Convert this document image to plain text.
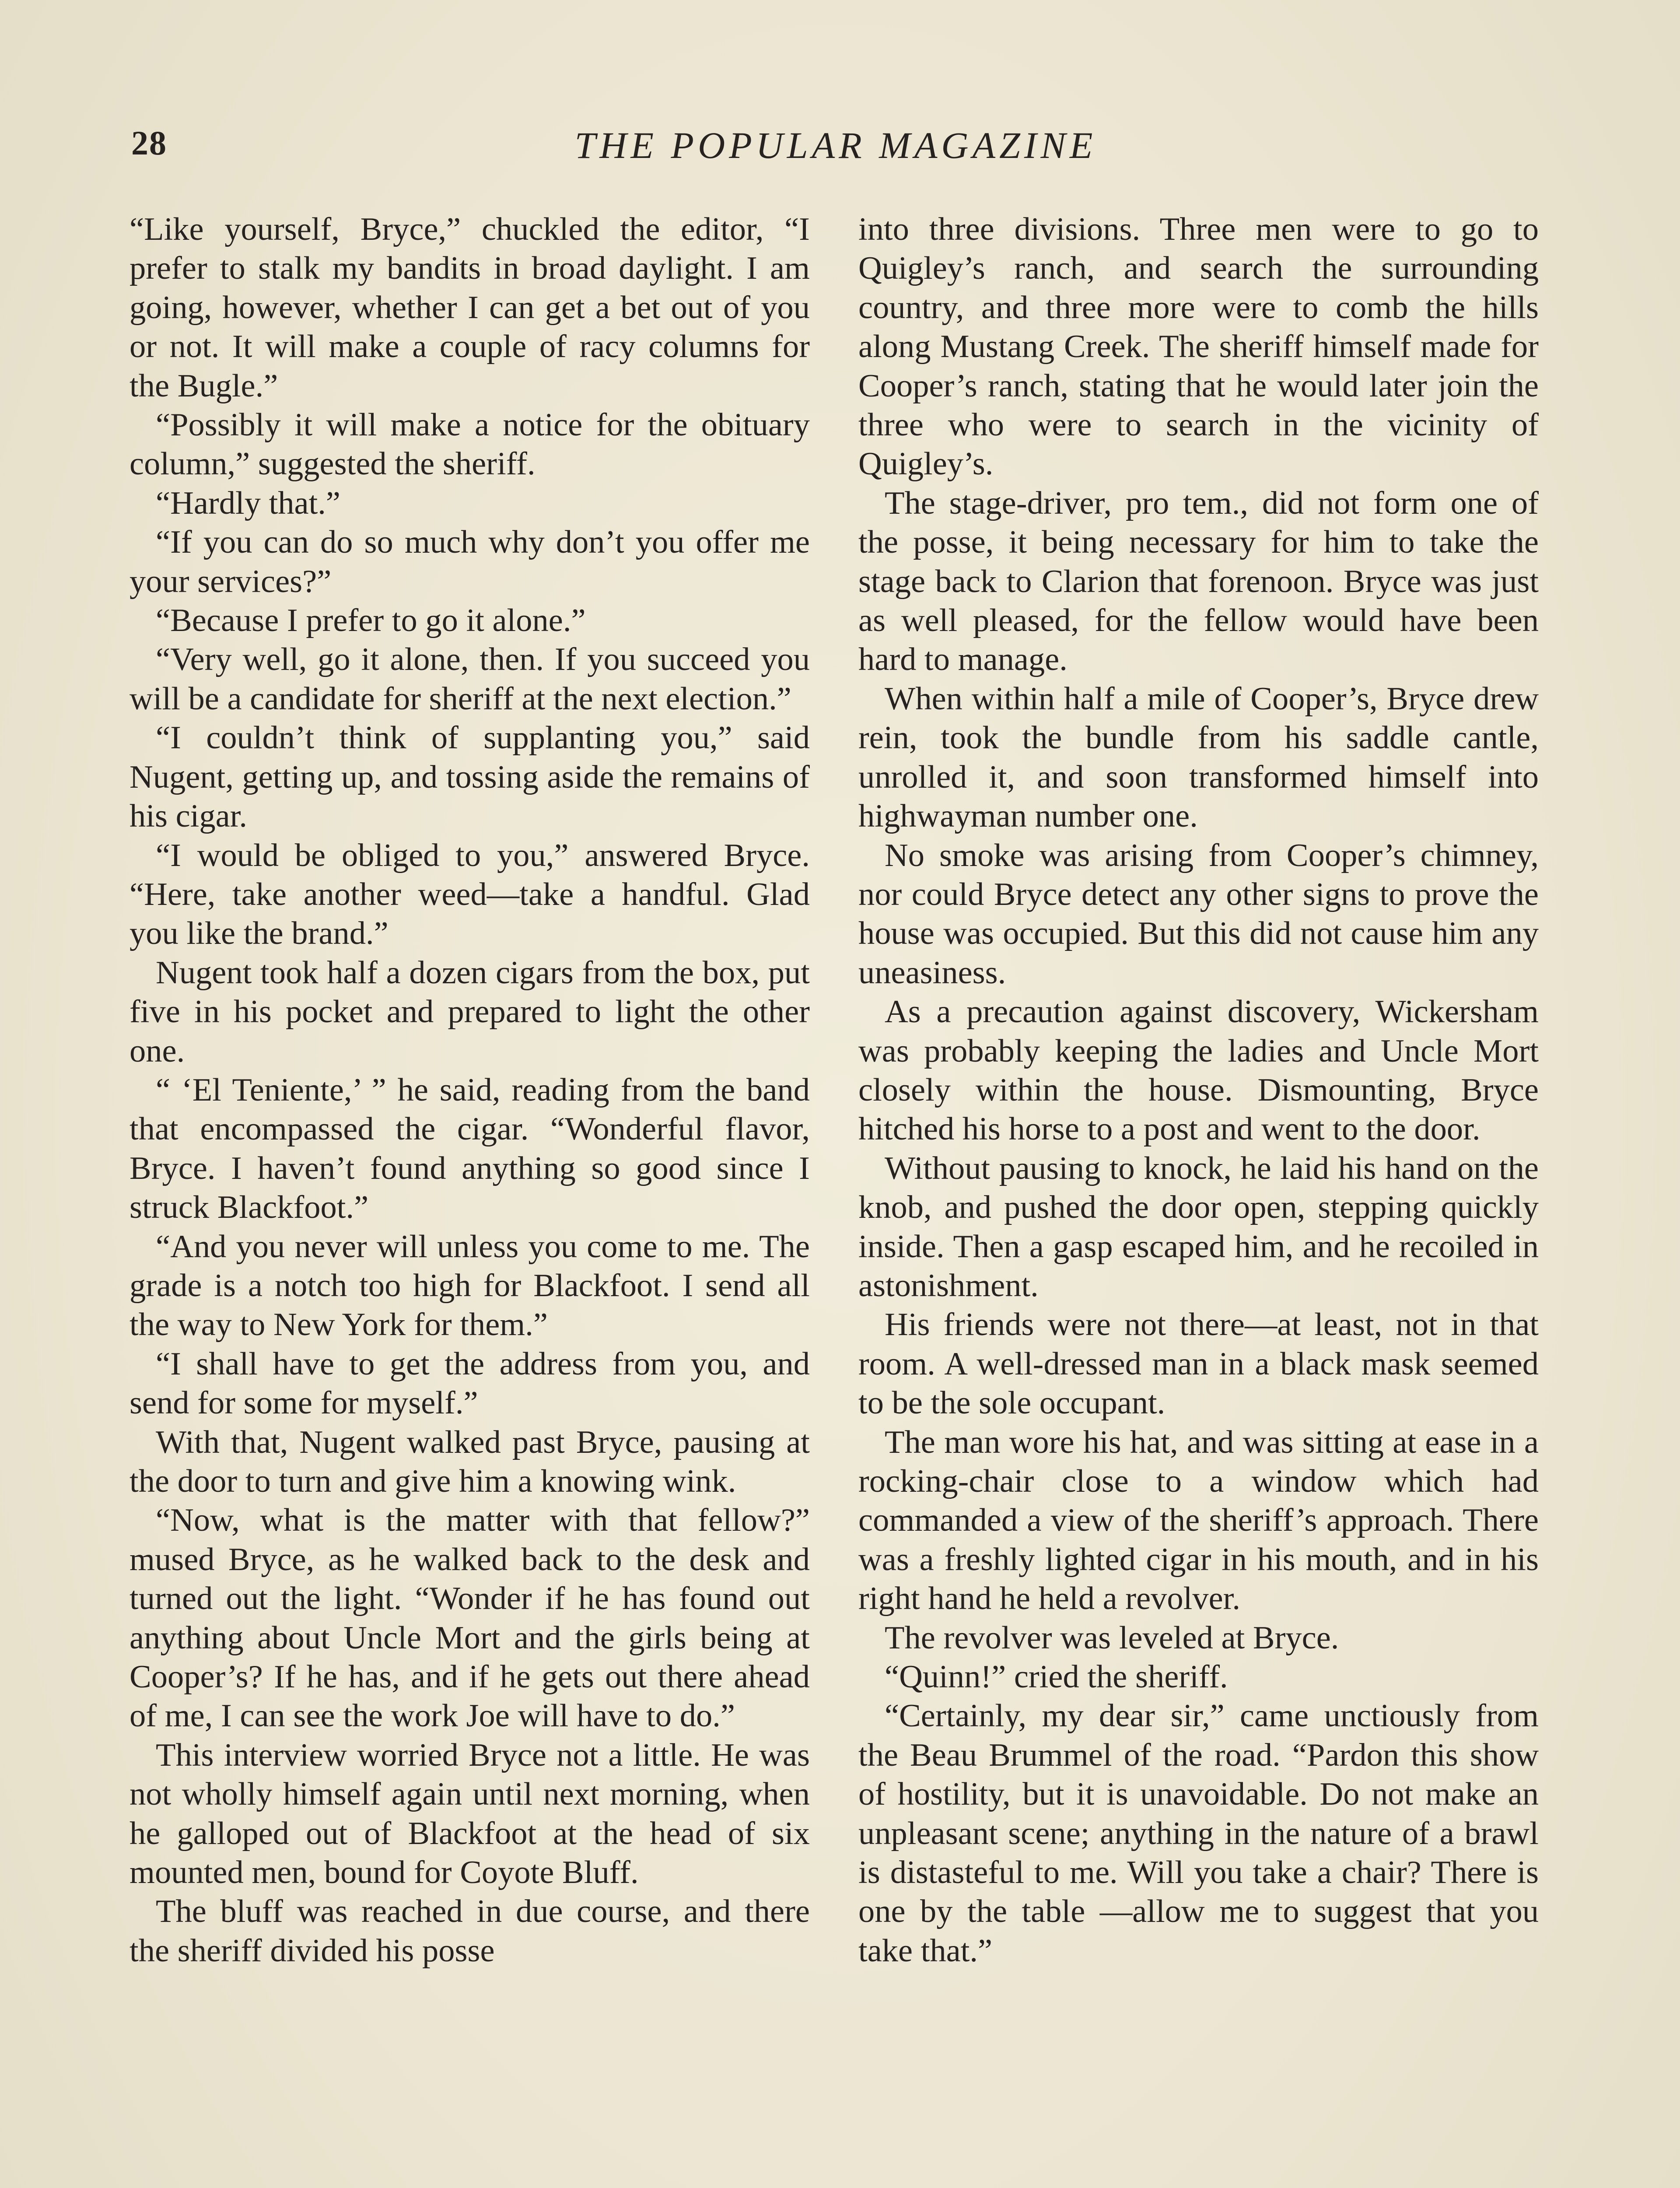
28	THE POPULAR MAGAZINE

“Like yourself, Bryce,” chuckled the editor, “I prefer to stalk my bandits in broad daylight. I am going, however, whether I can get a bet out of you or not. It will make a couple of racy columns for the Bugle.”

“Possibly it will make a notice for the obituary column,” suggested the sheriff.

“Hardly that.”

“If you can do so much why don’t you offer me your services?”

“Because I prefer to go it alone.”

“Very well, go it alone, then. If you succeed you will be a candidate for sheriff at the next election.”

“I couldn’t think of supplanting you,” said Nugent, getting up, and tossing aside the remains of his cigar.

“I would be obliged to you,” answered Bryce. “Here, take another weed—take a handful. Glad you like the brand.”

Nugent took half a dozen cigars from the box, put five in his pocket and prepared to light the other one.

“ ‘El Teniente,’ ” he said, reading from the band that encompassed the cigar. “Wonderful flavor, Bryce. I haven’t found anything so good since I struck Blackfoot.”

“And you never will unless you come to me. The grade is a notch too high for Blackfoot. I send all the way to New York for them.”

“I shall have to get the address from you, and send for some for myself.”

With that, Nugent walked past Bryce, pausing at the door to turn and give him a knowing wink.

“Now, what is the matter with that fellow?” mused Bryce, as he walked back to the desk and turned out the light. “Wonder if he has found out anything about Uncle Mort and the girls being at Cooper’s? If he has, and if he gets out there ahead of me, I can see the work Joe will have to do.”

This interview worried Bryce not a little. He was not wholly himself again until next morning, when he galloped out of Blackfoot at the head of six mounted men, bound for Coyote Bluff.

The bluff was reached in due course, and there the sheriff divided his posse

into three divisions. Three men were to go to Quigley’s ranch, and search the surrounding country, and three more were to comb the hills along Mustang Creek. The sheriff himself made for Cooper’s ranch, stating that he would later join the three who were to search in the vicinity of Quigley’s.

The stage-driver, pro tem., did not form one of the posse, it being necessary for him to take the stage back to Clarion that forenoon. Bryce was just as well pleased, for the fellow would have been hard to manage.

When within half a mile of Cooper’s, Bryce drew rein, took the bundle from his saddle cantle, unrolled it, and soon transformed himself into highwayman number one.

No smoke was arising from Cooper’s chimney, nor could Bryce detect any other signs to prove the house was occupied. But this did not cause him any uneasiness.

As a precaution against discovery, Wickersham was probably keeping the ladies and Uncle Mort closely within the house. Dismounting, Bryce hitched his horse to a post and went to the door.

Without pausing to knock, he laid his hand on the knob, and pushed the door open, stepping quickly inside. Then a gasp escaped him, and he recoiled in astonishment.

His friends were not there—at least, not in that room. A well-dressed man in a black mask seemed to be the sole occupant.

The man wore his hat, and was sitting at ease in a rocking-chair close to a window which had commanded a view of the sheriff’s approach. There was a freshly lighted cigar in his mouth, and in his right hand he held a revolver.

The revolver was leveled at Bryce.

“Quinn!” cried the sheriff.

“Certainly, my dear sir,” came unctiously from the Beau Brummel of the road. “Pardon this show of hostility, but it is unavoidable. Do not make an unpleasant scene; anything in the nature of a brawl is distasteful to me. Will you take a chair? There is one by the table —allow me to suggest that you take that.”
